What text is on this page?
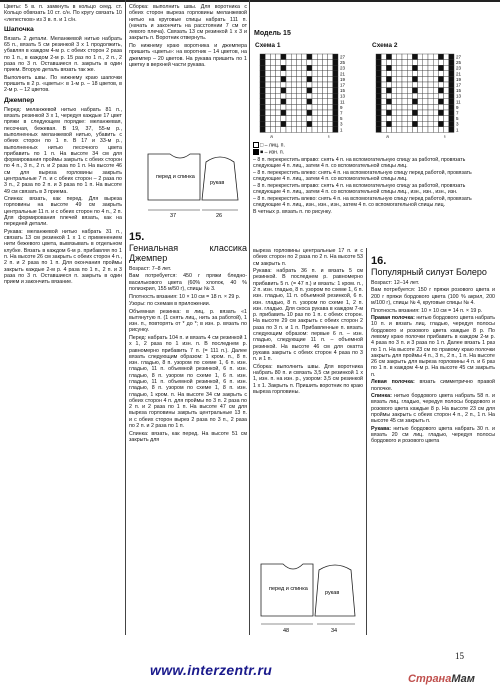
Цветы: 5 в. п. замкнуть в кольцо сеед. ст. Кольцо обвязать 10 ст. с/н. По кругу связать 10 «лепестков» из 3 в. п. и 1 с/н.

Шапочка

Вязать 2 детали. Меланжевой нитью набрать 65 п., вязать 5 см резинкой 3 х 1 продолжить, убавляя в каждом 4-м р. с обеих сторон 2 раза по 1 п., в каждом 2-м р. 15 раз по 1 п., 2 п., 2 раза по 3 п. Оставшиеся п. закрыть в один прием. Вторую деталь вязать так же.

Выполнить швы. По нижнему краю шапочки пришить в 2 р. «цветы»: в 1-м р. – 18 цветов, в 2-м р. – 12 цветов.

Джемпер

Перед: меланжевой нитью набрать 81 п., вязать резинкой 3 х 1, чередуя каждые 17 цвет пряжи в следующем порядке: меланжевая, песочная, бежевая. В 19, 37, 55-м р., выполненных меланжевой нитью, убавить с обеих сторон по 1 п. В 17 и 33-м р., выполненных нитью песочного цвета прибавить по 1 п. На высоте 34 см для формирования проймы закрыть с обеих сторон по 4 п., 3 п., 2 п. и 2 раза по 1 п. На высоте 46 см для выреза горловины закрыть центральные 7 п. и с обеих сторон – 2 раза по 3 п., 2 раза по 2 п. и 3 раза по 1 п. На высоте 49 см связать в 3 приема.

Спинка: вязать, как перед. Для выреза горловины на высоте 49 см закрыть центральные 11 п. и с обеих сторон по 4 п., 2 п. Для формирования плечей вязать, как на передней детали.

Рукава: меланжевой нитью набрать 31 п., связать 13 см резинкой 1 х 1 с применением нити бежевого цвета, вывязывать в отдельном клубке. Вязать в каждом 6-м р. прибавляя по 1 п. На высоте 26 см закрыть с обеих сторон 4 п., 2 п. и 2 раза по 1 п. Для окончания проймы закрыть каждые 2-м р. 4 раза по 1 п., 2 п. и 3 раза по 3 п. Оставшиеся п. закрыть в один прием и закончить вязание.

Сборка: выполнить швы. Для воротника с обеих сторон выреза горловины меланжевой нитью на круговые спицы набрать 111 п. (начать и закончить на расстоянии 7 см от левого плеча). Связать 13 см резинкой 1 х 3 и закрыть п. Воротник отвернуть.

По нижнему краю воротника и джемпера пришить «цветы»: на воротник – 14 цветов, на джемпер – 20 цветов. На рукава пришить по 1 цветку в верхней части рукава.

перед и спинка
рукав
37	26
15.
Гениальная классика Джемпер

Возраст: 7–8 лет.

Вам потребуется: 450 г пряжи бледно-василькового цвета (60% хлопок, 40 % полиэкрил, 155 м/50 г), спицы № 3.

Плотность вязания: 10 × 10 см = 18 п. × 29 р.

Узоры: по схемам в приложении.

Объемная резинка: в лиц. р. вязать «1 вытянутую п. (1 снять лиц., нить за работой), 1 изн. п., повторять от * до *; в изн. р. вязать по рисунку.

Перед: набрать 104 п. и вязать 4 см резинкой 1 х 1, 2 раза по 1 изн. п. В последнем р. равномерно прибавить 7 п. (= 111 п.). Далее вязать следующим образом: 1 кром. п., 8 п. изн. гладью, 8 п. узором по схеме 1, 6 п. изн. гладью, 11 п. объемной резинкой, 6 п. изн. гладью, 8 п. узором по схеме 1, 6 п. изн. гладью, 11 п. объемной резинкой, 6 п. изн. гладью, 8 п. узором по схеме 1, 8 п. изн. гладью, 1 кром. п. На высоте 34 см закрыть с обеих сторон 4 п. для проймы по 3 п. 2 раза по 2 п. и 2 раза по 1 п. На высоте 47 см для выреза горловины закрыть центральные 13 п. и с обеих сторон вырез 2 раза по 3 п., 2 раза по 2 п. и 2 раза по 1 п.

Спинка: вязать, как перед. На высоте 51 см закрыть для

выреза горловины центральные 17 п. и с обеих сторон по 2 раза по 2 п. На высоте 53 см закрыть п.

Рукава: набрать 36 п. и вязать 5 см резинкой. В последнем р. равномерно прибавить 5 п. (= 47 п.) и вязать: 1 кром. п., 2 п. изн. гладью, 8 п. узором по схеме 1, 6 п. изн. гладью, 11 п. объемной резинкой, 6 п. изн. гладью, 8 п. узором по схеме 1, 2 п. изн. гладью. Для скоса рукава в каждом 7-м р. прибавить 10 раз по 1 п. с обеих сторон. На высоте 29 см закрыть с обеих сторон 2 раза по 3 п. и 1 п. Прибавленные п. вязать следующим образом: первые 6 п. – изн. гладью, следующие 11 п. – объемной резинкой. На высоте 46 см для окатта рукава закрыть с обеих сторон 4 раза по 3 п. и 1 п.

Сборка: выполнить швы. Для воротника набрать 80 п. и связать 3,5 см резинкой 1 х 1, изн. п. на изн. р., узором: 3,5 см резинкой 1 х 1. Закрыть п. Пришить воротник по краю выреза горловины.

перед и спинка
рукав
48	34
Модель 15
Схема 1	Схема 2
27
25
23
21
19
17
15
13
11
9
7
5
3
1
8	1
27
25
23
21
19
17
15
13
11
9
7
5
3
1
8	1
□ – лиц. п.
■ – изн. п.
– 8 п. перекрестить вправо: снять 4 п. на вспомогательную спицу за работой, провязать следующие 4 п. лиц., затем 4 п. со вспомогательной спицы лиц.
– 8 п. перекрестить влево: снять 4 п. на вспомогательную спицу перед работой, провязать следующие 4 п. лиц., затем 4 п. со вспомогательной спицы лиц.
– 8 п. перекрестить вправо: снять 4 п. на вспомогательную спицу за работой, провязать следующие 4 п. лиц., затем 4 п. со вспомогательной спицы лиц., изн., изн., изн., изн.
– 8 п. перекрестить влево: снять 4 п. на вспомогательную спицу перед работой, провязать следующие 4 п. лиц., изн., изн., изн., затем 4 п. со вспомогательной спицы лиц.
В четных р. вязать п. по рисунку.
16.
Популярный силуэт Болеро

Возраст: 12–14 лет.

Вам потребуется: 150 г пряжи розового цвета и 200 г пряжи бордового цвета (100 % акрил, 200 м/100 г), спицы № 4, круговые спицы № 4.

Плотность вязания: 10 × 10 см = 14 п. × 19 р.

Правая полочка: нитью бордового цвета набрать 10 п. и вязать лиц. гладью, чередуя полосы бордового и розового цвета каждые 8 р. По левому краю полочки прибавить в каждом 2-м р. 4 раза по 3 п. и 3 раза по 1 п. Далее вязать 1 раз по 1 п. На высоте 23 см по правому краю полочки закрыть для проймы 4 п., 3 п., 2 п., 1 п. На высоте 26 см закрыть для выреза горловины 4 п. и 6 раз по 1 п. в каждом 4-м р. На высоте 45 см закрыть п.

Левая полочка: вязать симметрично правой полочке.

Спинка: нитью бордового цвета набрать 58 п. и вязать лиц. гладью, чередуя полосы бордового и розового цвета каждые 8 р. На высоте 23 см для проймы закрыть с обеих сторон 4 п., 2 п., 1 п. На высоте 45 см закрыть п.

Рукава: нитью бордового цвета набрать 30 п. и вязать 20 см лиц. гладью, чередуя полосы бордового и розового цвета

15
www.interzentr.ru
СтранаМам
